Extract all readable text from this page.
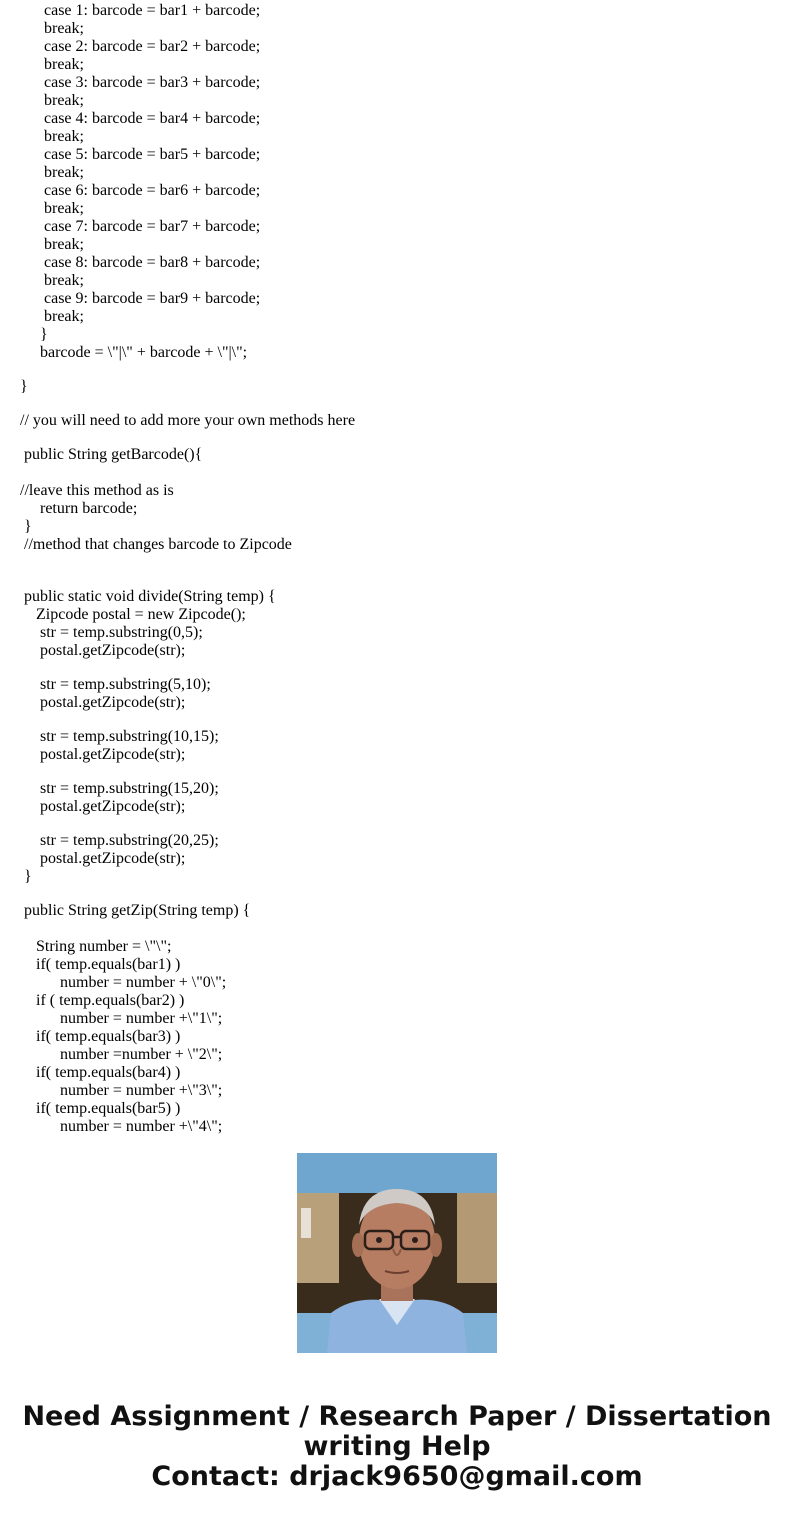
case 1: barcode = bar1 + barcode;
break;
case 2: barcode = bar2 + barcode;
break;
case 3: barcode = bar3 + barcode;
break;
case 4: barcode = bar4 + barcode;
break;
case 5: barcode = bar5 + barcode;
break;
case 6: barcode = bar6 + barcode;
break;
case 7: barcode = bar7 + barcode;
break;
case 8: barcode = bar8 + barcode;
break;
case 9: barcode = bar9 + barcode;
break;
}
barcode = \"|\" + barcode + \"|\";
}
// you will need to add more your own methods here
public String getBarcode(){
//leave this method as is
return barcode;
}
//method that changes barcode to Zipcode
public static void divide(String temp) {
Zipcode postal = new Zipcode();
str = temp.substring(0,5);
postal.getZipcode(str);
str = temp.substring(5,10);
postal.getZipcode(str);
str = temp.substring(10,15);
postal.getZipcode(str);
str = temp.substring(15,20);
postal.getZipcode(str);
str = temp.substring(20,25);
postal.getZipcode(str);
}
public String getZip(String temp) {
String number = \"\";
if( temp.equals(bar1) )
number = number + \"0\";
if ( temp.equals(bar2) )
number = number +\"1\";
if( temp.equals(bar3) )
number =number + \"2\";
if( temp.equals(bar4) )
number = number +\"3\";
if( temp.equals(bar5) )
number = number +\"4\";
Need Assignment / Research Paper / Dissertation
writing Help
Contact: drjack9650@gmail.com
